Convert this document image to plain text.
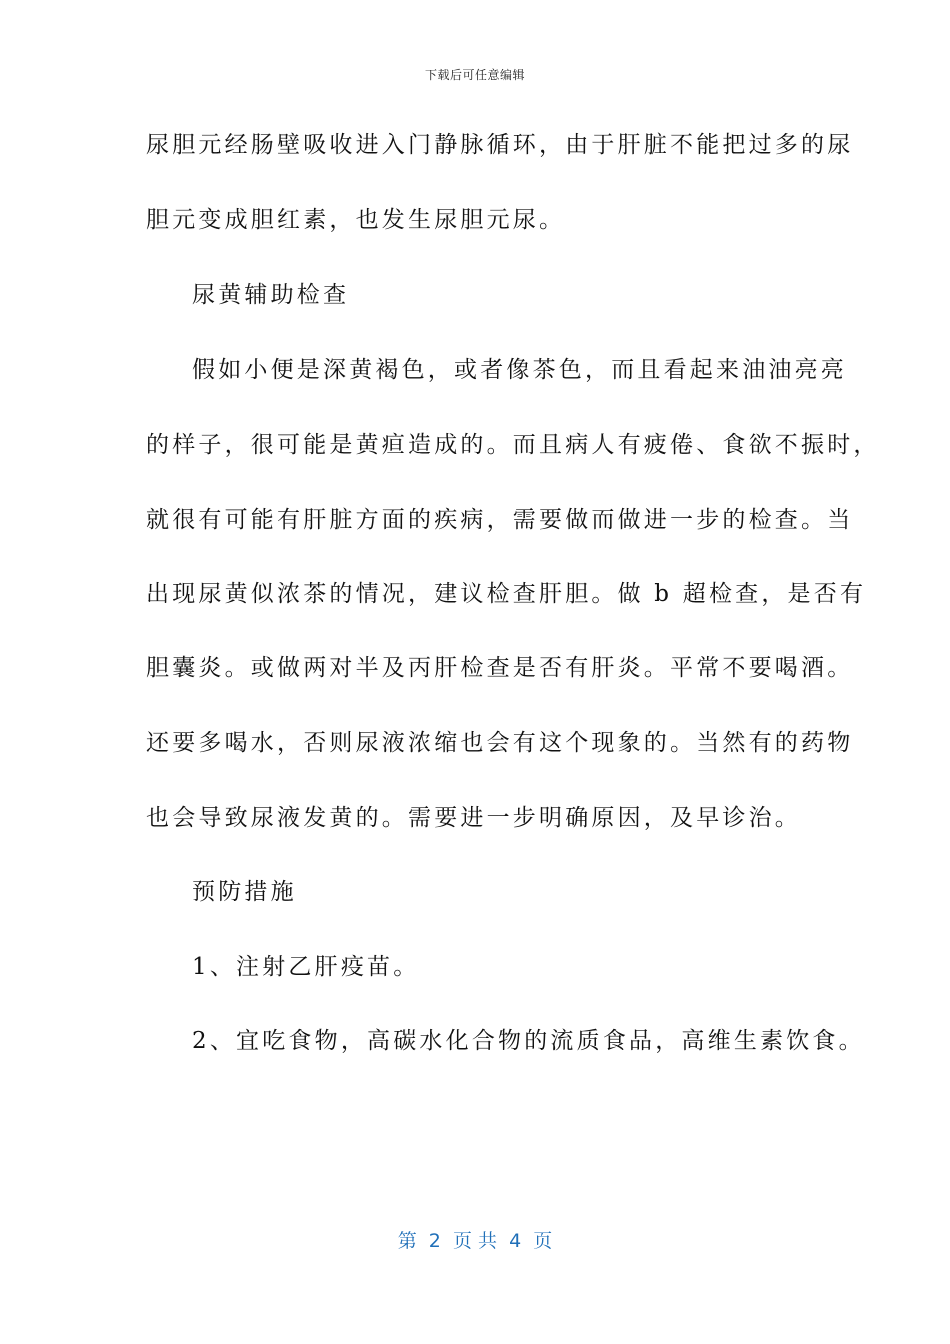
下载后可任意编辑
尿胆元经肠壁吸收进入门静脉循环，由于肝脏不能把过多的尿
胆元变成胆红素，也发生尿胆元尿。
尿黄辅助检查
假如小便是深黄褐色，或者像茶色，而且看起来油油亮亮
的样子，很可能是黄疸造成的。而且病人有疲倦、食欲不振时，
就很有可能有肝脏方面的疾病，需要做而做进一步的检查。当
出现尿黄似浓茶的情况，建议检查肝胆。做 b 超检查，是否有
胆囊炎。或做两对半及丙肝检查是否有肝炎。平常不要喝酒。
还要多喝水，否则尿液浓缩也会有这个现象的。当然有的药物
也会导致尿液发黄的。需要进一步明确原因，及早诊治。
预防措施
1、注射乙肝疫苗。
2、宜吃食物，高碳水化合物的流质食品，高维生素饮食。
第  2  页 共  4  页
